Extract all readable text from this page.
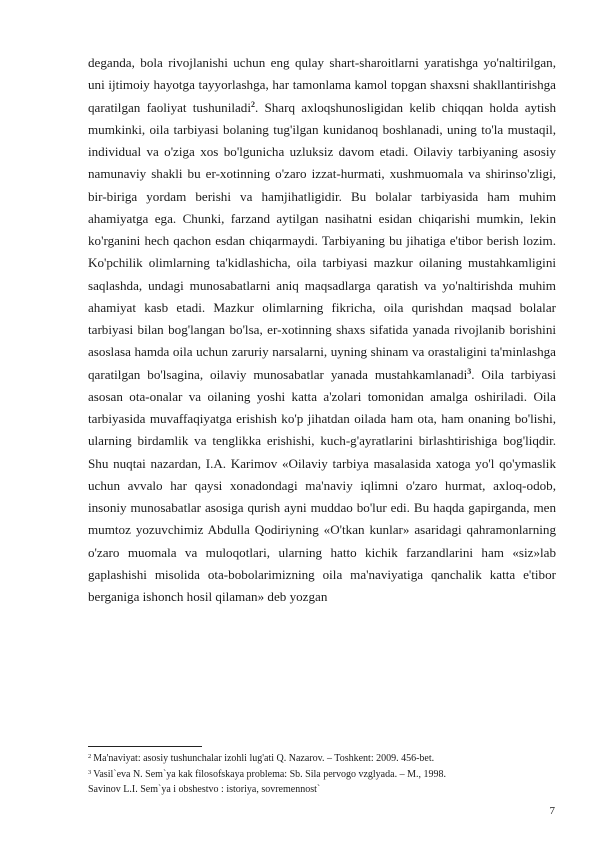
deganda, bola rivojlanishi uchun eng qulay shart-sharoitlarni yaratishga yo'naltirilgan, uni ijtimoiy hayotga tayyorlashga, har tamonlama kamol topgan shaxsni shakllantirishga qaratilgan faoliyat tushuniladi$^2$. Sharq axloqshunosligidan kelib chiqqan holda aytish mumkinki, oila tarbiyasi bolaning tug'ilgan kunidanoq boshlanadi, uning to'la mustaqil, individual va o'ziga xos bo'lgunicha uzluksiz davom etadi. Oilaviy tarbiyaning asosiy namunaviy shakli bu er-xotinning o'zaro izzat-hurmati, xushmuomala va shirinso'zligi, bir-biriga yordam berishi va hamjihatligidir. Bu bolalar tarbiyasida ham muhim ahamiyatga ega. Chunki, farzand aytilgan nasihatni esidan chiqarishi mumkin, lekin ko'rganini hech qachon esdan chiqarmaydi. Tarbiyaning bu jihatiga e'tibor berish lozim. Ko'pchilik olimlarning ta'kidlashicha, oila tarbiyasi mazkur oilaning mustahkamligini saqlashda, undagi munosabatlarni aniq maqsadlarga qaratish va yo'naltirishda muhim ahamiyat kasb etadi. Mazkur olimlarning fikricha, oila qurishdan maqsad bolalar tarbiyasi bilan bog'langan bo'lsa, er-xotinning shaxs sifatida yanada rivojlanib borishini asoslasa hamda oila uchun zaruriy narsalarni, uyning shinam va orastaligini ta'minlashga qaratilgan bo'lsagina, oilaviy munosabatlar yanada mustahkamlanadi$^3$. Oila tarbiyasi asosan ota-onalar va oilaning yoshi katta a'zolari tomonidan amalga oshiriladi. Oila tarbiyasida muvaffaqiyatga erishish ko'p jihatdan oilada ham ota, ham onaning bo'lishi, ularning birdamlik va tenglikka erishishi, kuch-g'ayratlarini birlashtirishiga bog'liqdir. Shu nuqtai nazardan, I.A. Karimov «Oilaviy tarbiya masalasida xatoga yo'l qo'ymaslik uchun avvalo har qaysi xonadondagi ma'naviy iqlimni o'zaro hurmat, axloq-odob, insoniy munosabatlar asosiga qurish ayni muddao bo'lur edi. Bu haqda gapirganda, men mumtoz yozuvchimiz Abdulla Qodiriyning «O'tkan kunlar» asaridagi qahramonlarning o'zaro muomala va muloqotlari, ularning hatto kichik farzandlarini ham «siz»lab gaplashishi misolida ota-bobolarimizning oila ma'naviyatiga qanchalik katta e'tibor berganiga ishonch hosil qilaman» deb yozgan

$^2$ Ma'naviyat: asosiy tushunchalar izohli lug'ati Q. Nazarov. – Toshkent: 2009. 456-bet.

$^3$ Vasil`eva N. Sem`ya kak filosofskaya problema: Sb. Sila pervogo vzglyada. – M., 1998.

Savinov L.I. Sem`ya i obshestvo : istoriya, sovremennost`

7
